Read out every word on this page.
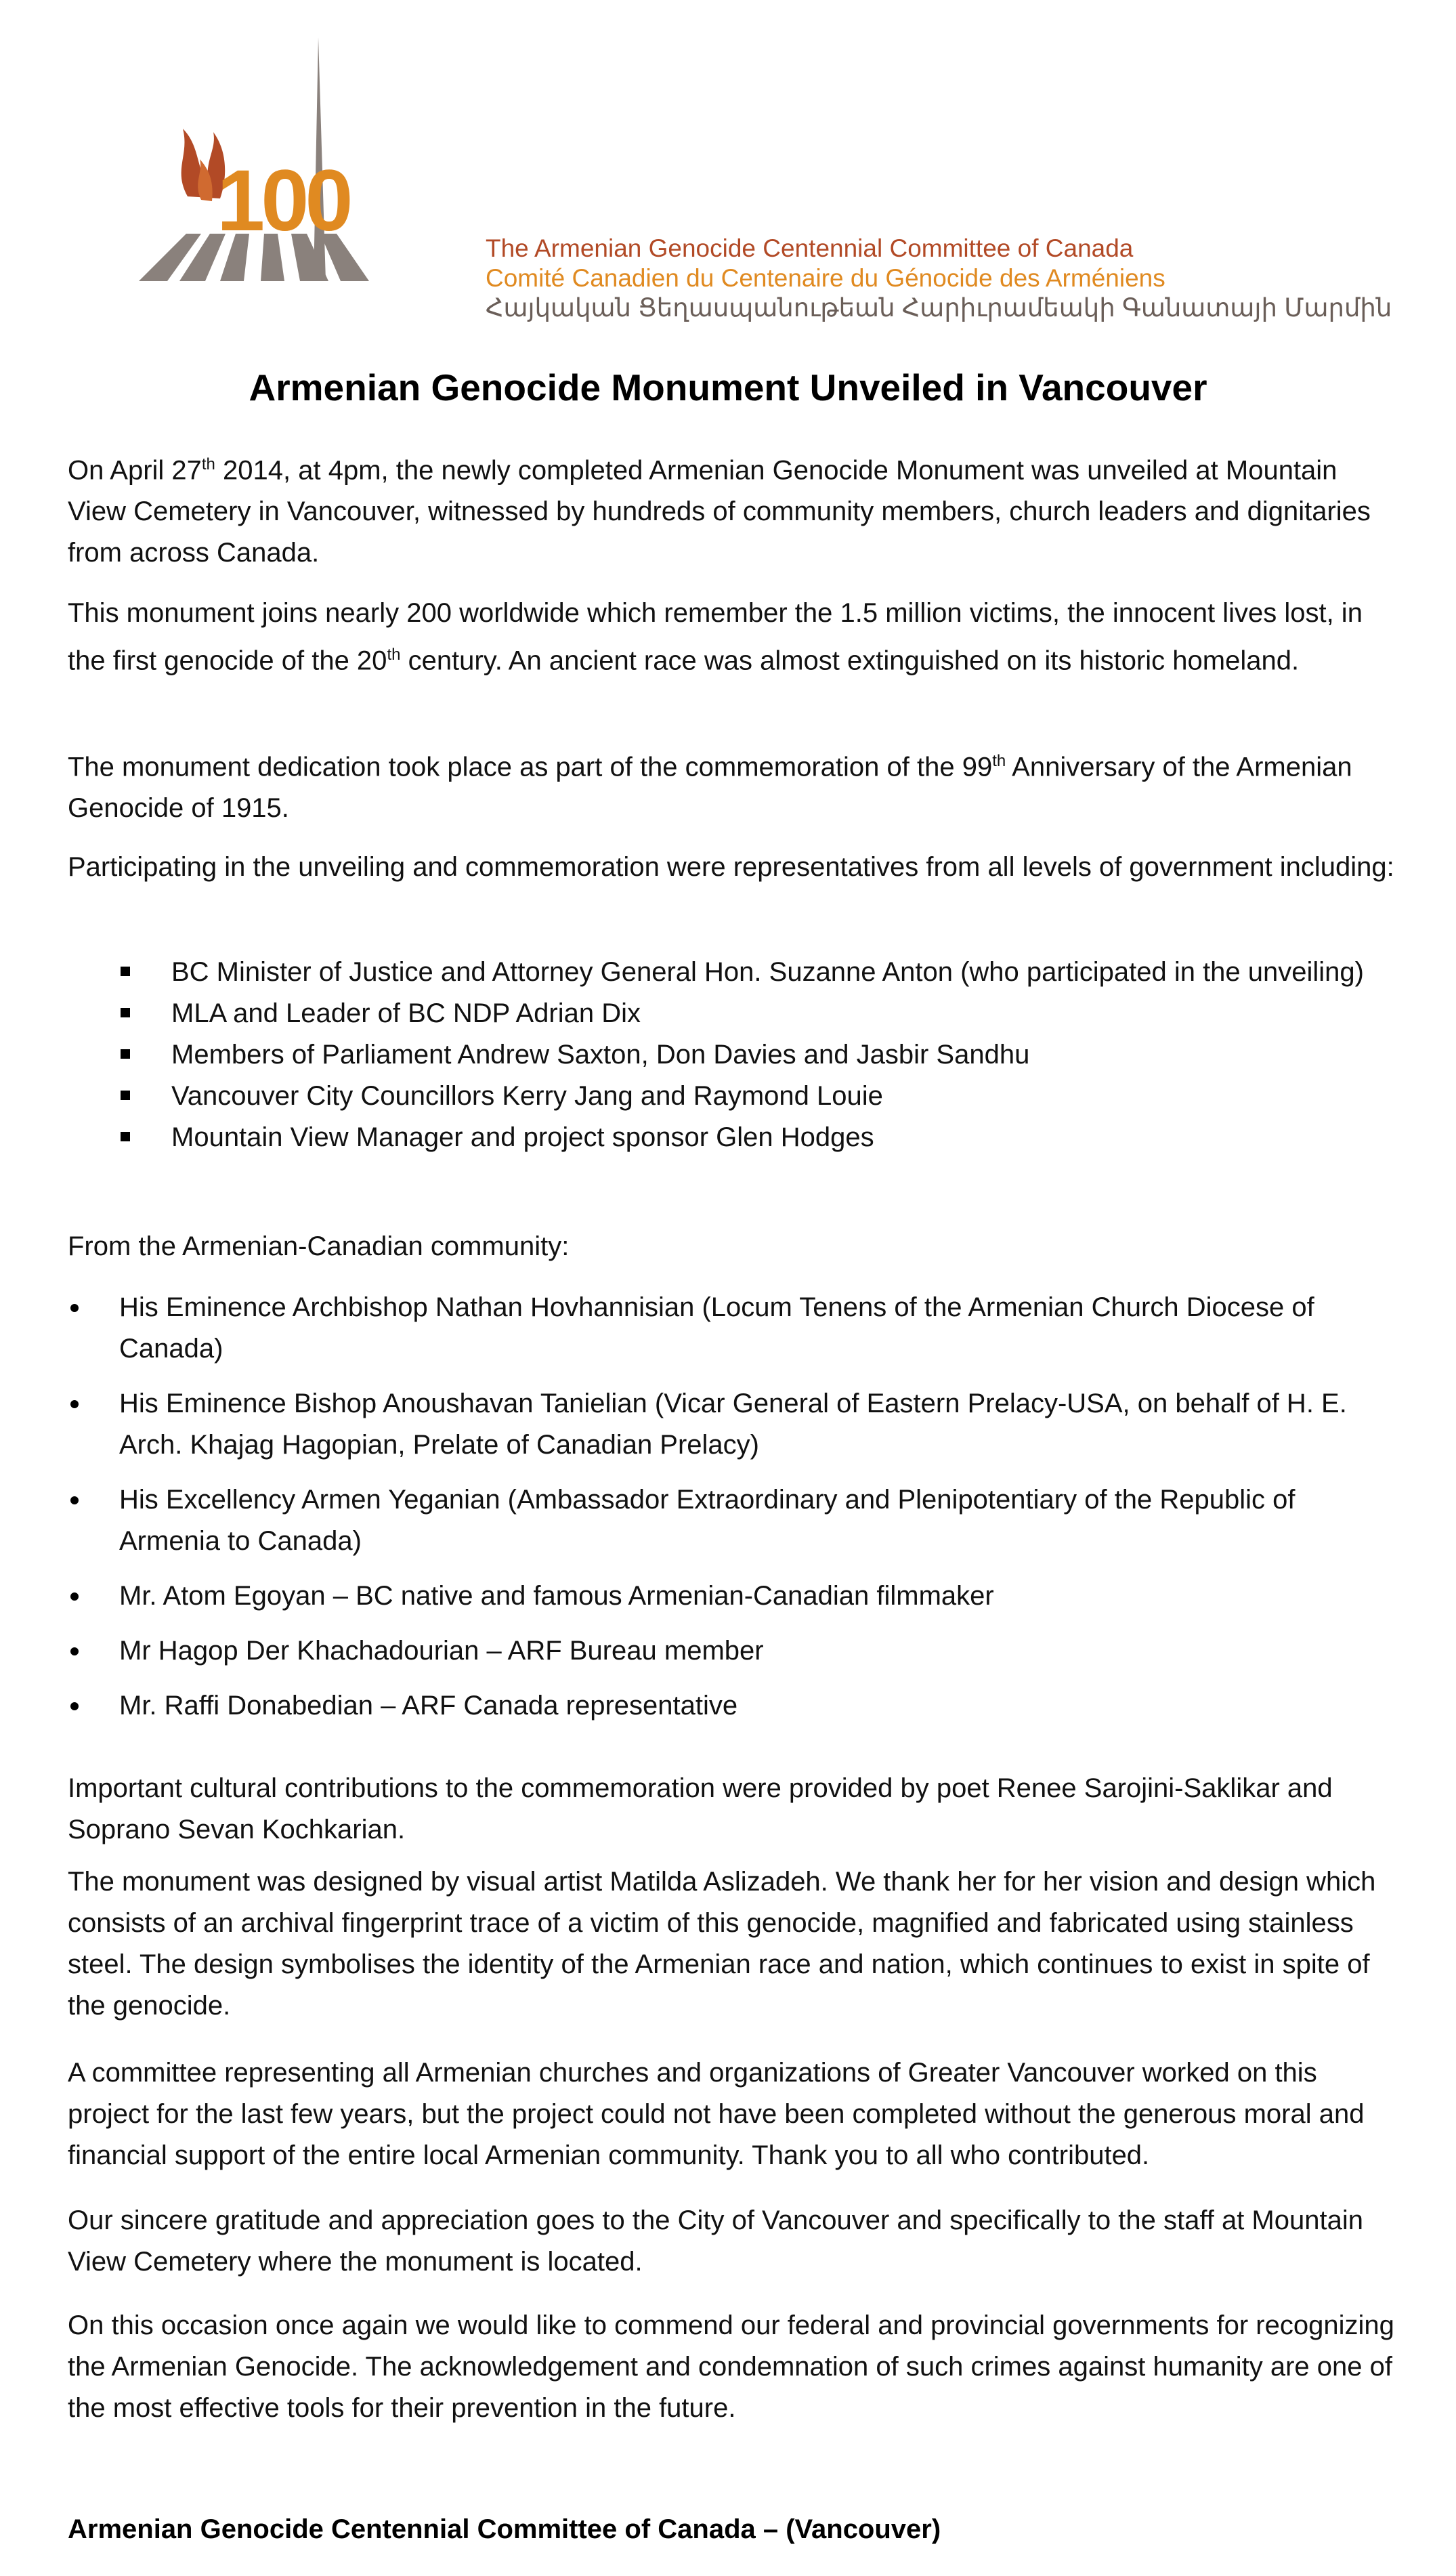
100	The Armenian Genocide Centennial Committee of Canada
Comité Canadien du Centenaire du Génocide des Arméniens
Հայկական Ցեղասպանութեան Հարիւրամեակի Գանատայի Մարմին
Armenian Genocide Monument Unveiled in Vancouver

On April 27th 2014, at 4pm, the newly completed Armenian Genocide Monument was unveiled at Mountain View Cemetery in Vancouver, witnessed by hundreds of community members, church leaders and dignitaries from across Canada.

This monument joins nearly 200 worldwide which remember the 1.5 million victims, the innocent lives lost, in the first genocide of the 20th century. An ancient race was almost extinguished on its historic homeland.

The monument dedication took place as part of the commemoration of the 99th Anniversary of the Armenian Genocide of 1915.

Participating in the unveiling and commemoration were representatives from all levels of government including:

BC Minister of Justice and Attorney General Hon. Suzanne Anton (who participated in the unveiling)
MLA and Leader of BC NDP Adrian Dix
Members of Parliament Andrew Saxton, Don Davies and Jasbir Sandhu
Vancouver City Councillors Kerry Jang and Raymond Louie
Mountain View Manager and project sponsor Glen Hodges

From the Armenian-Canadian community:

His Eminence Archbishop Nathan Hovhannisian (Locum Tenens of the Armenian Church Diocese of Canada)
His Eminence Bishop Anoushavan Tanielian (Vicar General of Eastern Prelacy-USA, on behalf of H. E. Arch. Khajag Hagopian, Prelate of Canadian Prelacy)
His Excellency Armen Yeganian (Ambassador Extraordinary and Plenipotentiary of the Republic of Armenia to Canada)
Mr. Atom Egoyan – BC native and famous Armenian-Canadian filmmaker
Mr Hagop Der Khachadourian – ARF Bureau member
Mr. Raffi Donabedian – ARF Canada representative

Important cultural contributions to the commemoration were provided by poet Renee Sarojini-Saklikar and Soprano Sevan Kochkarian.

The monument was designed by visual artist Matilda Aslizadeh. We thank her for her vision and design which consists of an archival fingerprint trace of a victim of this genocide, magnified and fabricated using stainless steel. The design symbolises the identity of the Armenian race and nation, which continues to exist in spite of the genocide.

A committee representing all Armenian churches and organizations of Greater Vancouver worked on this project for the last few years, but the project could not have been completed without the generous moral and financial support of the entire local Armenian community. Thank you to all who contributed.

Our sincere gratitude and appreciation goes to the City of Vancouver and specifically to the staff at Mountain View Cemetery where the monument is located.

On this occasion once again we would like to commend our federal and provincial governments for recognizing the Armenian Genocide. The acknowledgement and condemnation of such crimes against humanity are one of the most effective tools for their prevention in the future.

Armenian Genocide Centennial Committee of Canada – (Vancouver)
